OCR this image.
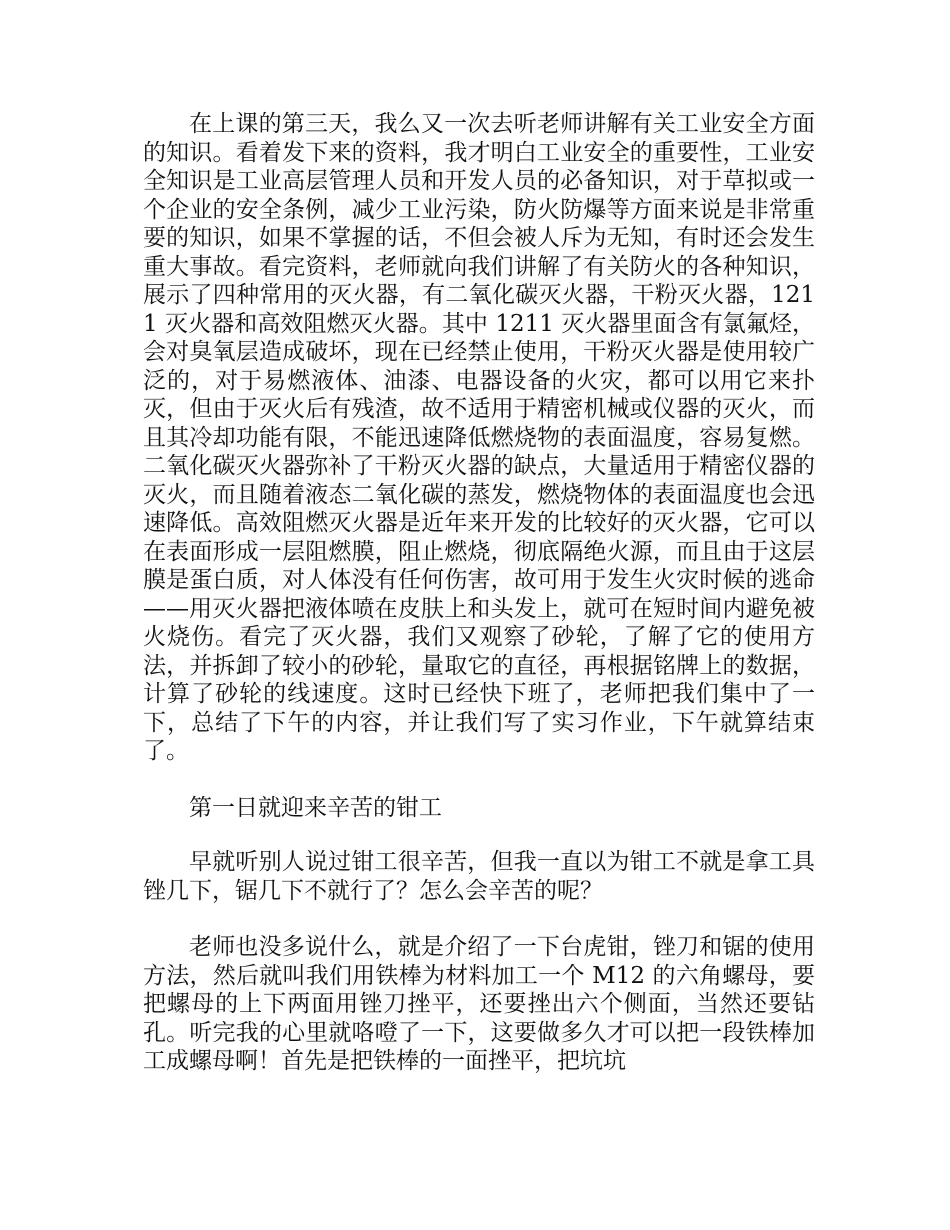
在上课的第三天，我么又一次去听老师讲解有关工业安全方面的知识。看着发下来的资料，我才明白工业安全的重要性，工业安全知识是工业高层管理人员和开发人员的必备知识，对于草拟或一个企业的安全条例，减少工业污染，防火防爆等方面来说是非常重要的知识，如果不掌握的话，不但会被人斥为无知，有时还会发生重大事故。看完资料，老师就向我们讲解了有关防火的各种知识，展示了四种常用的灭火器，有二氧化碳灭火器，干粉灭火器，1211 灭火器和高效阻燃灭火器。其中 1211 灭火器里面含有氯氟烃，会对臭氧层造成破坏，现在已经禁止使用，干粉灭火器是使用较广泛的，对于易燃液体、油漆、电器设备的火灾，都可以用它来扑灭，但由于灭火后有残渣，故不适用于精密机械或仪器的灭火，而且其冷却功能有限，不能迅速降低燃烧物的表面温度，容易复燃。二氧化碳灭火器弥补了干粉灭火器的缺点，大量适用于精密仪器的灭火，而且随着液态二氧化碳的蒸发，燃烧物体的表面温度也会迅速降低。高效阻燃灭火器是近年来开发的比较好的灭火器，它可以在表面形成一层阻燃膜，阻止燃烧，彻底隔绝火源，而且由于这层膜是蛋白质，对人体没有任何伤害，故可用于发生火灾时候的逃命——用灭火器把液体喷在皮肤上和头发上，就可在短时间内避免被火烧伤。看完了灭火器，我们又观察了砂轮，了解了它的使用方法，并拆卸了较小的砂轮，量取它的直径，再根据铭牌上的数据，计算了砂轮的线速度。这时已经快下班了，老师把我们集中了一下，总结了下午的内容，并让我们写了实习作业，下午就算结束了。

第一日就迎来辛苦的钳工

早就听别人说过钳工很辛苦，但我一直以为钳工不就是拿工具锉几下，锯几下不就行了？怎么会辛苦的呢？

老师也没多说什么，就是介绍了一下台虎钳，锉刀和锯的使用方法，然后就叫我们用铁棒为材料加工一个 M12 的六角螺母，要把螺母的上下两面用锉刀挫平，还要挫出六个侧面，当然还要钻孔。听完我的心里就咯噔了一下，这要做多久才可以把一段铁棒加工成螺母啊！首先是把铁棒的一面挫平，把坑坑
